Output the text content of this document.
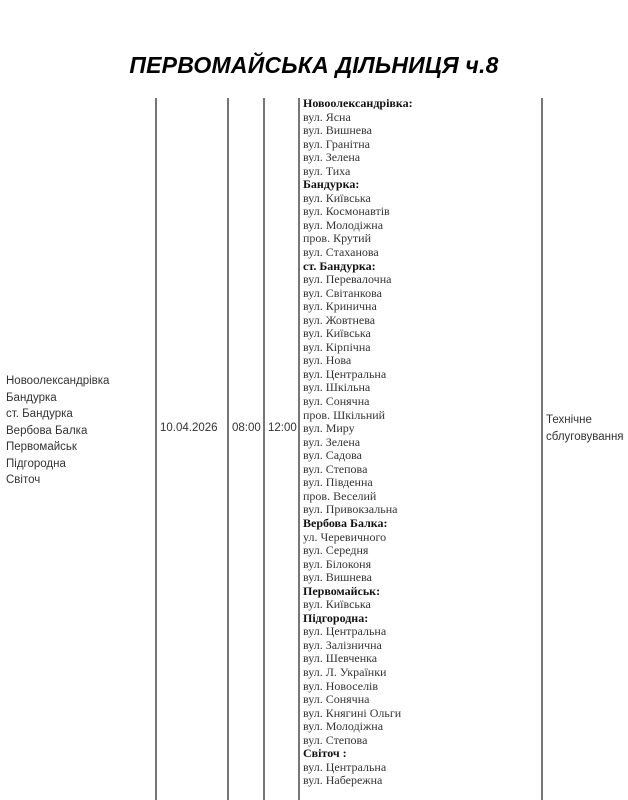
ПЕРВОМАЙСЬКА ДІЛЬНИЦЯ ч.8
Новоолександрівка
Бандурка
ст. Бандурка
Вербова Балка
Первомайськ
Підгородна
Світоч
10.04.2026 08:00 12:00
Технічне
сблуговування
Новоолександрівка:
вул. Ясна
вул. Вишнева
вул. Гранітна
вул. Зелена
вул. Тиха
Бандурка:
вул. Київська
вул. Космонавтів
вул. Молодіжна
пров. Крутий
вул. Стаханова
ст. Бандурка:
вул. Перевалочна
вул. Світанкова
вул. Кринична
вул. Жовтнева
вул. Київська
вул. Кірпічна
вул. Нова
вул. Центральна
вул. Шкільна
вул. Сонячна
пров. Шкільний
вул. Миру
вул. Зелена
вул. Садова
вул. Степова
вул. Південна
пров. Веселий
вул. Привокзальна
Вербова Балка:
ул. Черевичного
вул. Середня
вул. Білоконя
вул. Вишнева
Первомайськ:
вул. Київська
Підгородна:
вул. Центральна
вул. Залізнична
вул. Шевченка
вул. Л. Українки
вул. Новоселів
вул. Сонячна
вул. Княгині Ольги
вул. Молодіжна
вул. Степова
Світоч :
вул. Центральна
вул. Набережна
